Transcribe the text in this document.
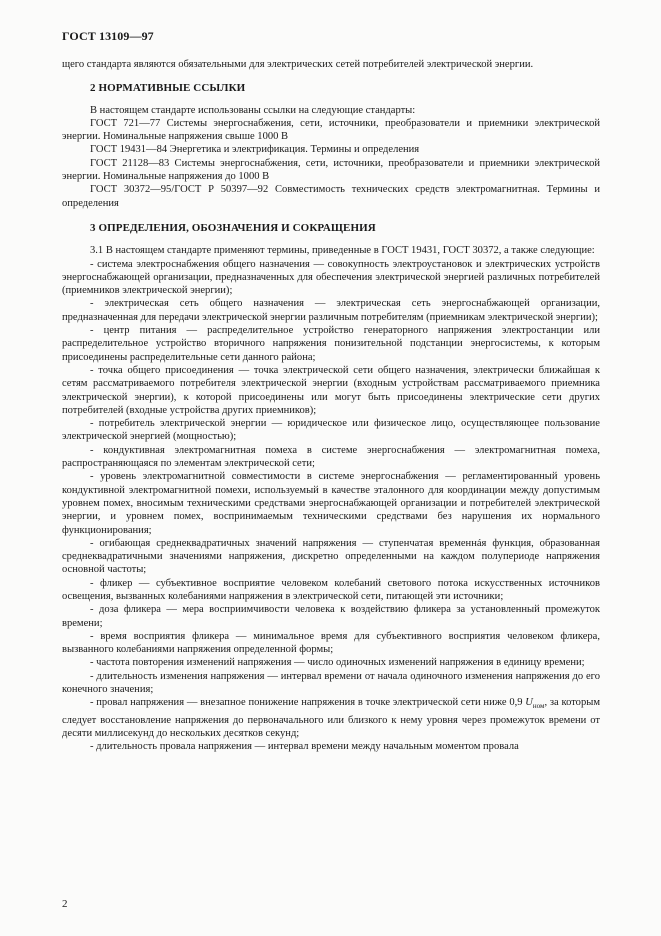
ГОСТ 13109—97

щего стандарта являются обязательными для электрических сетей потребителей электрической энергии.

2 НОРМАТИВНЫЕ ССЫЛКИ

В настоящем стандарте использованы ссылки на следующие стандарты:

ГОСТ 721—77 Системы энергоснабжения, сети, источники, преобразователи и приемники электрической энергии. Номинальные напряжения свыше 1000 В

ГОСТ 19431—84 Энергетика и электрификация. Термины и определения

ГОСТ 21128—83 Системы энергоснабжения, сети, источники, преобразователи и приемники электрической энергии. Номинальные напряжения до 1000 В

ГОСТ 30372—95/ГОСТ Р 50397—92 Совместимость технических средств электромагнитная. Термины и определения

3 ОПРЕДЕЛЕНИЯ, ОБОЗНАЧЕНИЯ И СОКРАЩЕНИЯ

3.1 В настоящем стандарте применяют термины, приведенные в ГОСТ 19431, ГОСТ 30372, а также следующие:

- система электроснабжения общего назначения — совокупность электроустановок и электрических устройств энергоснабжающей организации, предназначенных для обеспечения электрической энергией различных потребителей (приемников электрической энергии);

- электрическая сеть общего назначения — электрическая сеть энергоснабжающей организации, предназначенная для передачи электрической энергии различным потребителям (приемникам электрической энергии);

- центр питания — распределительное устройство генераторного напряжения электростанции или распределительное устройство вторичного напряжения понизительной подстанции энергосистемы, к которым присоединены распределительные сети данного района;

- точка общего присоединения — точка электрической сети общего назначения, электрически ближайшая к сетям рассматриваемого потребителя электрической энергии (входным устройствам рассматриваемого приемника электрической энергии), к которой присоединены или могут быть присоединены электрические сети других потребителей (входные устройства других приемников);

- потребитель электрической энергии — юридическое или физическое лицо, осуществляющее пользование электрической энергией (мощностью);

- кондуктивная электромагнитная помеха в системе энергоснабжения — электромагнитная помеха, распространяющаяся по элементам электрической сети;

- уровень электромагнитной совместимости в системе энергоснабжения — регламентированный уровень кондуктивной электромагнитной помехи, используемый в качестве эталонного для координации между допустимым уровнем помех, вносимым техническими средствами энергоснабжающей организации и потребителей электрической энергии, и уровнем помех, воспринимаемым техническими средствами без нарушения их нормального функционирования;

- огибающая среднеквадратичных значений напряжения — ступенчатая временнáя функция, образованная среднеквадратичными значениями напряжения, дискретно определенными на каждом полупериоде напряжения основной частоты;

- фликер — субъективное восприятие человеком колебаний светового потока искусственных источников освещения, вызванных колебаниями напряжения в электрической сети, питающей эти источники;

- доза фликера — мера восприимчивости человека к воздействию фликера за установленный промежуток времени;

- время восприятия фликера — минимальное время для субъективного восприятия человеком фликера, вызванного колебаниями напряжения определенной формы;

- частота повторения изменений напряжения — число одиночных изменений напряжения в единицу времени;

- длительность изменения напряжения — интервал времени от начала одиночного изменения напряжения до его конечного значения;

- провал напряжения — внезапное понижение напряжения в точке электрической сети ниже 0,9 $U_{ном}$, за которым следует восстановление напряжения до первоначального или близкого к нему уровня через промежуток времени от десяти миллисекунд до нескольких десятков секунд;

- длительность провала напряжения — интервал времени между начальным моментом провала

2
